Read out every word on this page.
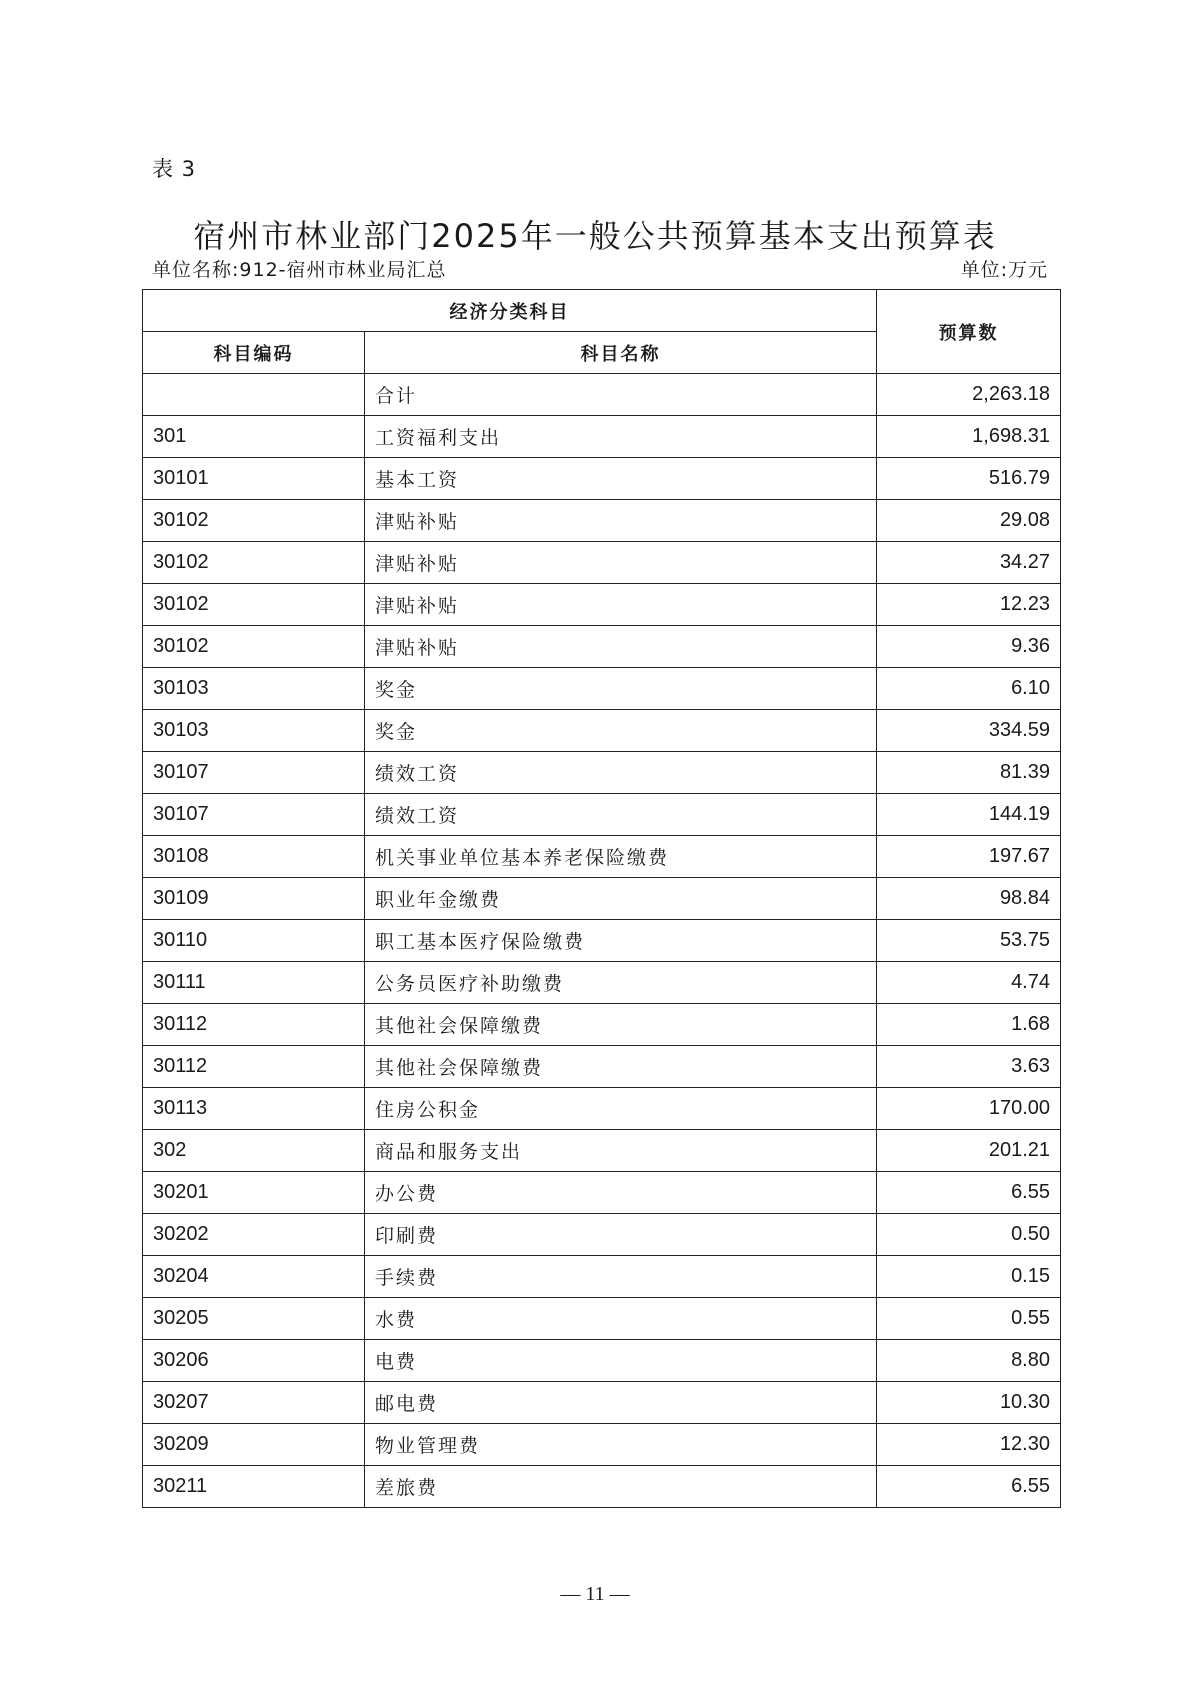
表 3
宿州市林业部门2025年一般公共预算基本支出预算表
单位名称:912-宿州市林业局汇总	单位:万元
经济分类科目		预算数
科目编码	科目名称	
	合计	2,263.18
301	工资福利支出	1,698.31
30101	基本工资	516.79
30102	津贴补贴	29.08
30102	津贴补贴	34.27
30102	津贴补贴	12.23
30102	津贴补贴	9.36
30103	奖金	6.10
30103	奖金	334.59
30107	绩效工资	81.39
30107	绩效工资	144.19
30108	机关事业单位基本养老保险缴费	197.67
30109	职业年金缴费	98.84
30110	职工基本医疗保险缴费	53.75
30111	公务员医疗补助缴费	4.74
30112	其他社会保障缴费	1.68
30112	其他社会保障缴费	3.63
30113	住房公积金	170.00
302	商品和服务支出	201.21
30201	办公费	6.55
30202	印刷费	0.50
30204	手续费	0.15
30205	水费	0.55
30206	电费	8.80
30207	邮电费	10.30
30209	物业管理费	12.30
30211	差旅费	6.55
— 11 —
